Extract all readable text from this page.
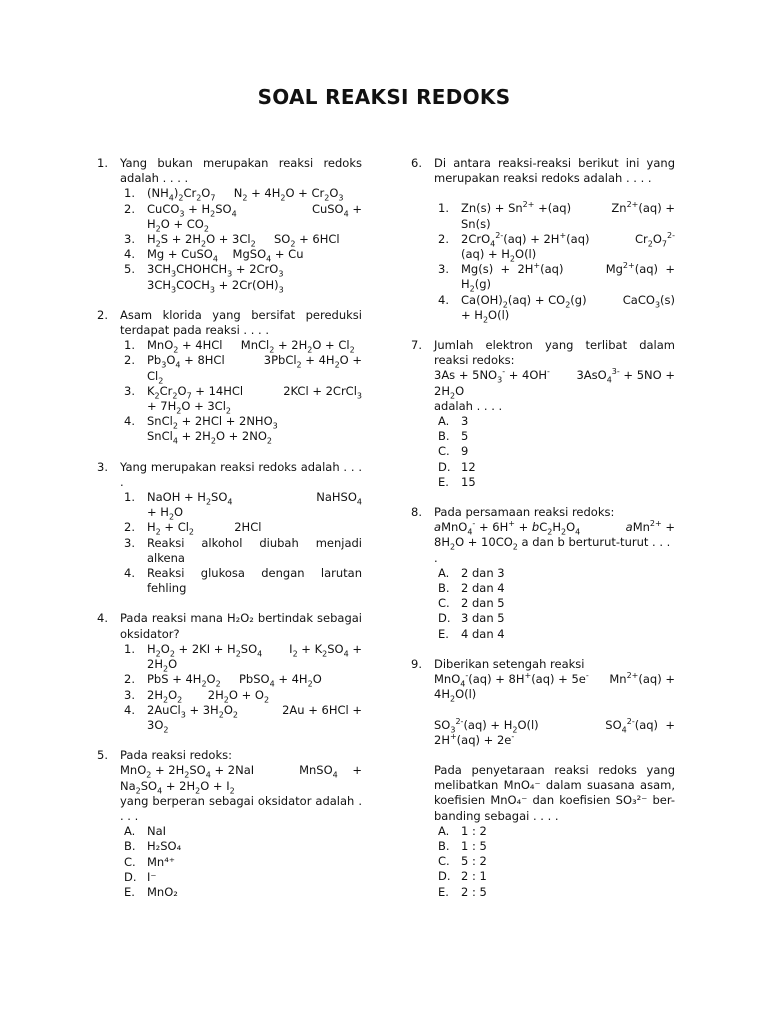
SOAL REAKSI REDOKS
1. Yang bukan merupakan reaksi redoks adalah . . . .
1. $(NH_4)_2Cr_2O_7$     $N_2 + 4H_2O + Cr_2O_3$
2. CuCO$_3$ + $H_2SO_4$	CuSO$_4$ +
$H_2O + CO_2$
3. $H_2S + 2H_2O + 3Cl_2$     $SO_2 + 6HCl$
4. Mg + CuSO$_4$    MgSO$_4$ + Cu
5. $3CH_3CHOHCH_3 + 2CrO_3$
$3CH_3COCH_3 + 2Cr(OH)_3$
2. Asam klorida yang bersifat pereduksi terdapat pada reaksi . . . .
1. MnO$_2$ + 4HCl     MnCl$_2$ + $2H_2O + Cl_2$
2. $Pb_3O_4 + 8HCl$	3PbCl$_2$ + $4H_2O$ +
$Cl_2$
3. $K_2Cr_2O_7 + 14HCl$	2KCl + 2CrCl$_3$
+ $7H_2O + 3Cl_2$
4. SnCl$_2$ + $2HCl + 2NHO_3$
SnCl$_4$ + $2H_2O + 2NO_2$
3. Yang merupakan reaksi redoks adalah . . . .
1. NaOH + $H_2SO_4$	NaHSO$_4$
+ $H_2O$
2. $H_2 + Cl_2$           2HCl
3. Reaksi alkohol diubah menjadi alkena
4. Reaksi glukosa dengan larutan fehling
4. Pada reaksi mana H₂O₂ bertindak sebagai oksidator?
1. $H_2O_2 + 2KI + H_2SO_4$ $I_2 + K_2SO_4$ +
$2H_2O$
2. PbS + $4H_2O_2$     PbSO$_4$ + $4H_2O$
3. $2H_2O_2$       $2H_2O + O_2$
4. 2AuCl$_3$ + $3H_2O_2$	2Au + 6HCl +
$3O_2$
5. Pada reaksi redoks:
$MnO_2 + 2H_2SO_4 + 2NaI$	MnSO$_4$    +
$Na_2SO_4 + 2H_2O + I_2$
yang berperan sebagai oksidator adalah . . . .
A. NaI
B. H₂SO₄
C. Mn⁴⁺
D. I⁻
E. MnO₂
6. Di antara reaksi-reaksi berikut ini yang merupakan reaksi redoks adalah . . . .
1. $Zn(s) + Sn^{2+} +(aq)$	$Zn^{2+}(aq)$ +
Sn(s)
2. 2CrO$_4^{2-}$(aq) + 2H+(aq)	$Cr_2O_7^{2-}$
$(aq) + H_2O(l)$
3. Mg(s)  +  2H+(aq)	$Mg^{2+}(aq)$  +
$H_2(g)$
4. $Ca(OH)_2(aq) + CO_2(g)$	CaCO$_3$(s)
+ $H_2O(l)$
7. Jumlah elektron yang terlibat dalam reaksi redoks:
$3As + 5NO_3^- + 4OH^-$ 3AsO$_4^{3-}$ + 5NO +
$2H_2O$
adalah . . . .
A. 3
B. 5
C. 9
D. 12
E. 15
8. Pada persamaan reaksi redoks:
aMnO$_4$- + $6H^+ + bC_2H_2O_4$	aMn$^{2+}$ +
$8H_2O + 10CO_2$ a dan b berturut-turut . . .
.
A. 2 dan 3
B. 2 dan 4
C. 2 dan 5
D. 3 dan 5
E. 4 dan 4
9. Diberikan setengah reaksi
MnO$_4$-(aq) + 8H+(aq) + 5e- $Mn^{2+}(aq)$ +
$4H_2O(l)$
$SO_3^{2-}(aq) + H_2O(l)$	$SO_4^{2-}(aq)$  +
2H+(aq) + 2e-
Pada penyetaraan reaksi redoks yang melibatkan MnO₄⁻ dalam suasana asam, koefisien MnO₄⁻ dan koefisien SO₃²⁻ ber-banding sebagai . . . .
A. 1 : 2
B. 1 : 5
C. 5 : 2
D. 2 : 1
E. 2 : 5
